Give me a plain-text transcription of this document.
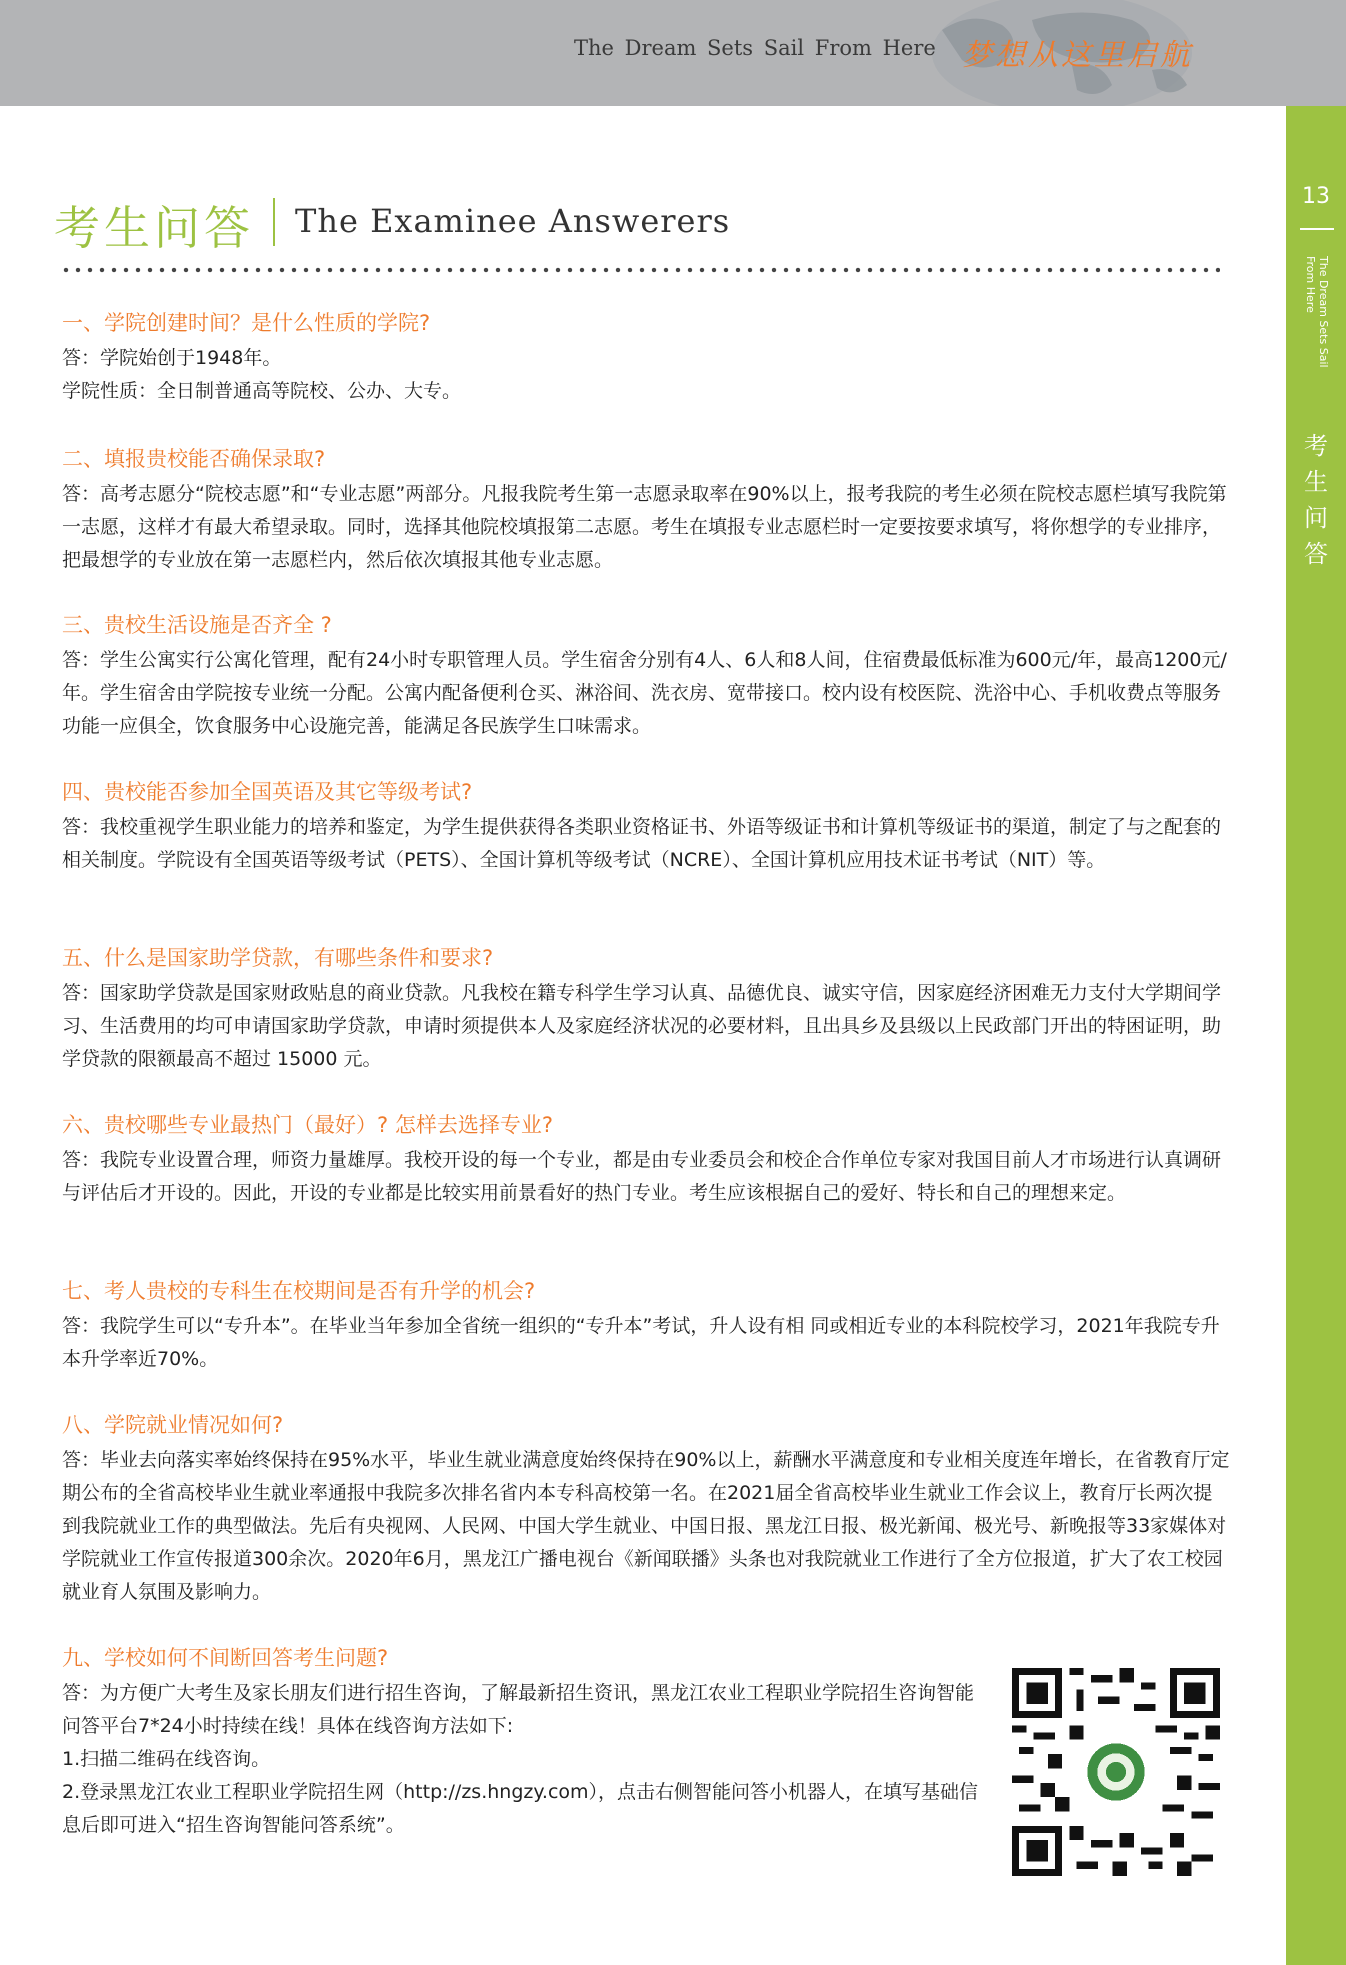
The Dream Sets Sail From Here 梦想从这里启航
13
考生问答
The Dream Sets Sail From Here
考生问答 The Examinee Answerers
一、学院创建时间？是什么性质的学院?
答：学院始创于1948年。
学院性质：全日制普通高等院校、公办、大专。
二、填报贵校能否确保录取?
答：高考志愿分“院校志愿”和“专业志愿”两部分。凡报我院考生第一志愿录取率在90%以上，报考我院的考生必须在院校志愿栏填写我院第一志愿，这样才有最大希望录取。同时，选择其他院校填报第二志愿。考生在填报专业志愿栏时一定要按要求填写，将你想学的专业排序，把最想学的专业放在第一志愿栏内，然后依次填报其他专业志愿。
三、贵校生活设施是否齐全 ?
答：学生公寓实行公寓化管理，配有24小时专职管理人员。学生宿舍分别有4人、6人和8人间，住宿费最低标准为600元/年，最高1200元/年。学生宿舍由学院按专业统一分配。公寓内配备便利仓买、淋浴间、洗衣房、宽带接口。校内设有校医院、洗浴中心、手机收费点等服务功能一应俱全，饮食服务中心设施完善，能满足各民族学生口味需求。
四、贵校能否参加全国英语及其它等级考试?
答：我校重视学生职业能力的培养和鉴定，为学生提供获得各类职业资格证书、外语等级证书和计算机等级证书的渠道，制定了与之配套的相关制度。学院设有全国英语等级考试（PETS）、全国计算机等级考试（NCRE）、全国计算机应用技术证书考试（NIT）等。
五、什么是国家助学贷款，有哪些条件和要求?
答：国家助学贷款是国家财政贴息的商业贷款。凡我校在籍专科学生学习认真、品德优良、诚实守信，因家庭经济困难无力支付大学期间学习、生活费用的均可申请国家助学贷款，申请时须提供本人及家庭经济状况的必要材料，且出具乡及县级以上民政部门开出的特困证明，助学贷款的限额最高不超过 15000 元。
六、贵校哪些专业最热门（最好）? 怎样去选择专业?
答：我院专业设置合理，师资力量雄厚。我校开设的每一个专业，都是由专业委员会和校企合作单位专家对我国目前人才市场进行认真调研与评估后才开设的。因此，开设的专业都是比较实用前景看好的热门专业。考生应该根据自己的爱好、特长和自己的理想来定。
七、考人贵校的专科生在校期间是否有升学的机会?
答：我院学生可以“专升本”。在毕业当年参加全省统一组织的“专升本”考试，升人设有相 同或相近专业的本科院校学习，2021年我院专升本升学率近70%。
八、学院就业情况如何?
答：毕业去向落实率始终保持在95%水平，毕业生就业满意度始终保持在90%以上，薪酬水平满意度和专业相关度连年增长，在省教育厅定期公布的全省高校毕业生就业率通报中我院多次排名省内本专科高校第一名。在2021届全省高校毕业生就业工作会议上，教育厅长两次提到我院就业工作的典型做法。先后有央视网、人民网、中国大学生就业、中国日报、黑龙江日报、极光新闻、极光号、新晚报等33家媒体对学院就业工作宣传报道300余次。2020年6月，黑龙江广播电视台《新闻联播》头条也对我院就业工作进行了全方位报道，扩大了农工校园就业育人氛围及影响力。
九、学校如何不间断回答考生问题?
答：为方便广大考生及家长朋友们进行招生咨询，了解最新招生资讯，黑龙江农业工程职业学院招生咨询智能问答平台7*24小时持续在线！具体在线咨询方法如下:
1.扫描二维码在线咨询。
2.登录黑龙江农业工程职业学院招生网（http://zs.hngzy.com），点击右侧智能问答小机器人，在填写基础信息后即可进入“招生咨询智能问答系统”。
